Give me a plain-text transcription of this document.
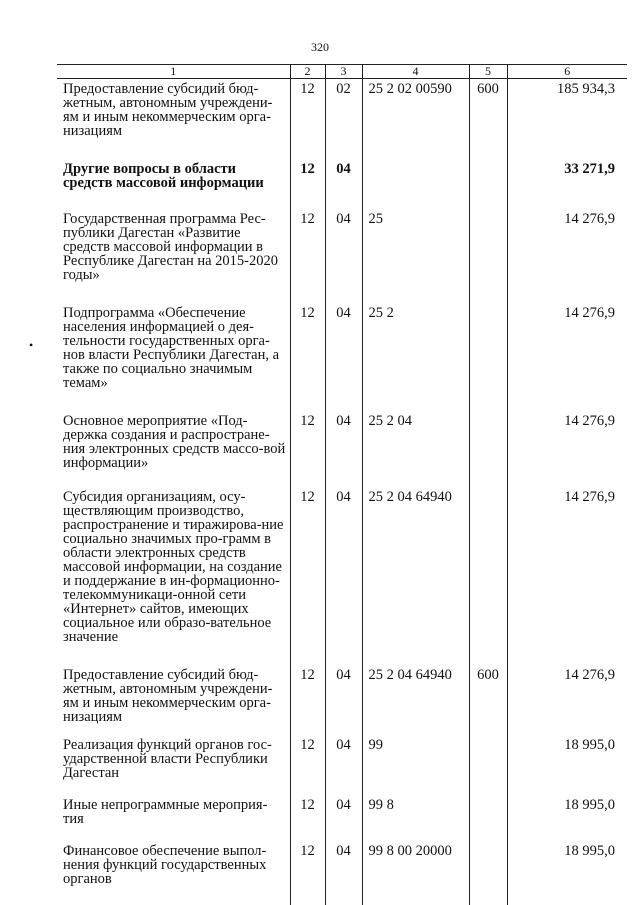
320
•
1	2	3	4	5	6
Предоставление субсидий бюд-жетным, автономным учреждени-ям и иным некоммерческим орга-низациям	12	02	25 2 02 00590	600	185 934,3
Другие вопросы в области средств массовой информации	12	04			33 271,9
Государственная программа Рес-публики Дагестан «Развитие средств массовой информации в Республике Дагестан на 2015-2020 годы»	12	04	25		14 276,9
Подпрограмма «Обеспечение населения информацией о дея-тельности государственных орга-нов власти Республики Дагестан, а также по социально значимым темам»	12	04	25 2		14 276,9
Основное мероприятие «Под-держка создания и распростране-ния электронных средств массо-вой информации»	12	04	25 2 04		14 276,9
Субсидия организациям, осу-ществляющим производство, распространение и тиражирова-ние социально значимых про-грамм в области электронных средств массовой информации, на создание и поддержание в ин-формационно-телекоммуникаци-онной сети «Интернет» сайтов, имеющих социальное или образо-вательное значение	12	04	25 2 04 64940		14 276,9
Предоставление субсидий бюд-жетным, автономным учреждени-ям и иным некоммерческим орга-низациям	12	04	25 2 04 64940	600	14 276,9
Реализация функций органов гос-ударственной власти Республики Дагестан	12	04	99		18 995,0
Иные непрограммные мероприя-тия	12	04	99 8		18 995,0
Финансовое обеспечение выпол-нения функций государственных органов	12	04	99 8 00 20000		18 995,0
